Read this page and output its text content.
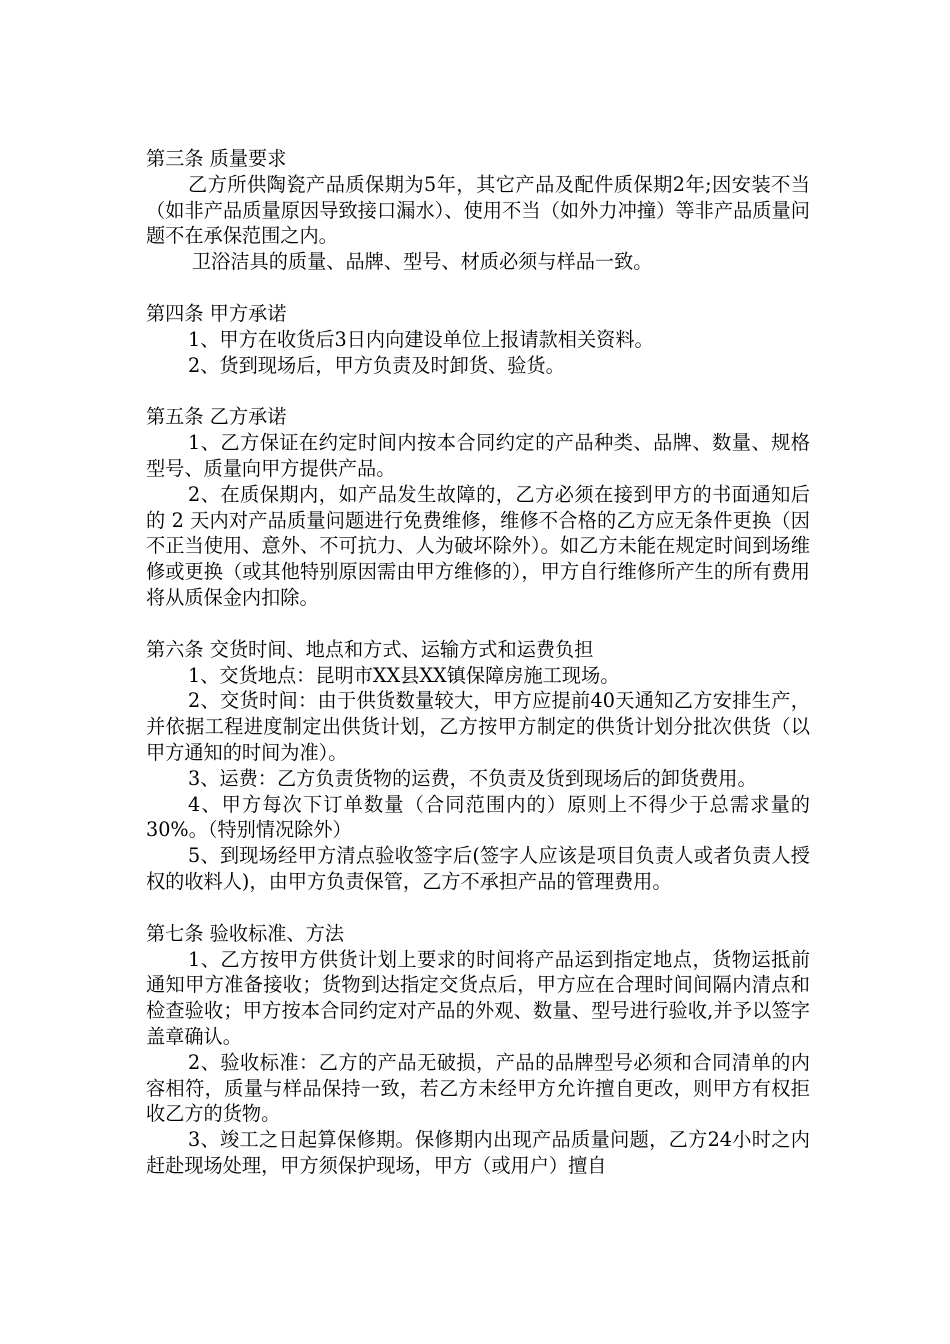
第三条 质量要求

乙方所供陶瓷产品质保期为5年，其它产品及配件质保期2年;因安装不当（如非产品质量原因导致接口漏水）、使用不当（如外力冲撞）等非产品质量问题不在承保范围之内。

卫浴洁具的质量、品牌、型号、材质必须与样品一致。

第四条 甲方承诺

1、甲方在收货后3日内向建设单位上报请款相关资料。

2、货到现场后，甲方负责及时卸货、验货。

第五条 乙方承诺

1、乙方保证在约定时间内按本合同约定的产品种类、品牌、数量、规格型号、质量向甲方提供产品。

2、在质保期内，如产品发生故障的，乙方必须在接到甲方的书面通知后的 2 天内对产品质量问题进行免费维修，维修不合格的乙方应无条件更换（因不正当使用、意外、不可抗力、人为破坏除外）。如乙方未能在规定时间到场维修或更换（或其他特别原因需由甲方维修的），甲方自行维修所产生的所有费用将从质保金内扣除。

第六条 交货时间、地点和方式、运输方式和运费负担

1、交货地点：昆明市XX县XX镇保障房施工现场。

2、交货时间：由于供货数量较大，甲方应提前40天通知乙方安排生产，并依据工程进度制定出供货计划，乙方按甲方制定的供货计划分批次供货（以甲方通知的时间为准）。

3、运费：乙方负责货物的运费，不负责及货到现场后的卸货费用。

4、甲方每次下订单数量（合同范围内的）原则上不得少于总需求量的30%。（特别情况除外）

5、到现场经甲方清点验收签字后(签字人应该是项目负责人或者负责人授权的收料人)，由甲方负责保管，乙方不承担产品的管理费用。

第七条 验收标准、方法

1、乙方按甲方供货计划上要求的时间将产品运到指定地点，货物运抵前通知甲方准备接收；货物到达指定交货点后，甲方应在合理时间间隔内清点和检查验收；甲方按本合同约定对产品的外观、数量、型号进行验收,并予以签字盖章确认。

2、验收标准：乙方的产品无破损，产品的品牌型号必须和合同清单的内容相符，质量与样品保持一致，若乙方未经甲方允许擅自更改，则甲方有权拒收乙方的货物。

3、竣工之日起算保修期。保修期内出现产品质量问题，乙方24小时之内赶赴现场处理，甲方须保护现场，甲方（或用户）擅自
